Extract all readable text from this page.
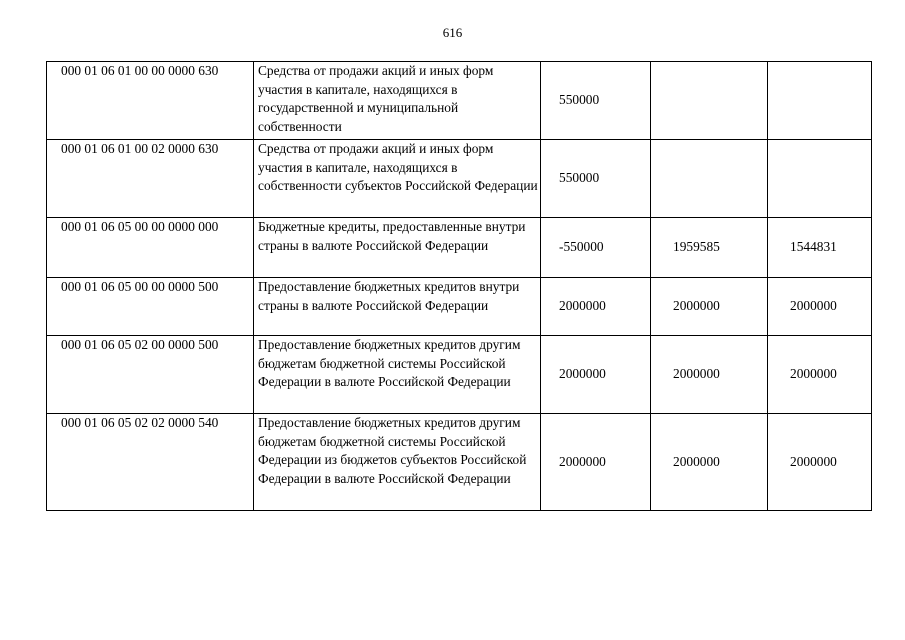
616
000 01 06 01 00 00 0000 630	Средства от продажи акций и иных форм участия в капитале, находящихся в государственной и муниципальной собственности	550000		
000 01 06 01 00 02 0000 630	Средства от продажи акций и иных форм участия в капитале, находящихся в собственности субъектов Российской Федерации	550000		
000 01 06 05 00 00 0000 000	Бюджетные кредиты, предоставленные внутри страны в валюте Российской Федерации	-550000	1959585	1544831
000 01 06 05 00 00 0000 500	Предоставление бюджетных кредитов внутри страны в валюте Российской Федерации	2000000	2000000	2000000
000 01 06 05 02 00 0000 500	Предоставление бюджетных кредитов другим бюджетам бюджетной системы Российской Федерации в валюте Российской Федерации	2000000	2000000	2000000
000 01 06 05 02 02 0000 540	Предоставление бюджетных кредитов другим бюджетам бюджетной системы Российской Федерации из бюджетов субъектов Российской Федерации в валюте Российской Федерации	2000000	2000000	2000000
